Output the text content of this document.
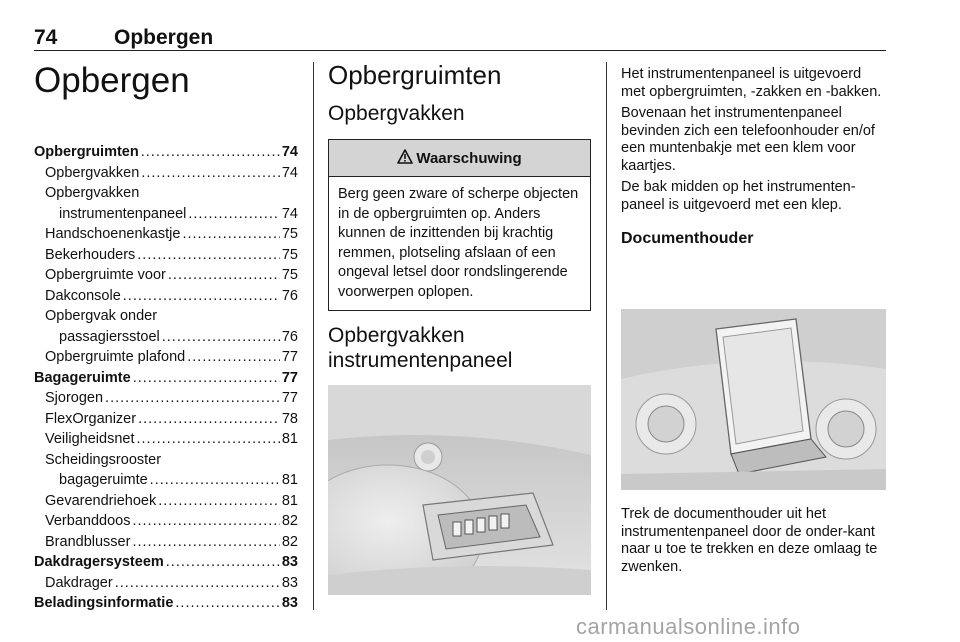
74	Opbergen
Opbergen
Opbergruimten .....	74
Opbergvakken .....	74
Opbergvakken
instrumentenpaneel .....	74
Handschoenenkastje .....	75
Bekerhouders .....	75
Opbergruimte voor .....	75
Dakconsole .....	76
Opbergvak onder
passagiersstoel .....	76
Opbergruimte plafond .....	77
Bagageruimte .....	77
Sjorogen .....	77
FlexOrganizer .....	78
Veiligheidsnet .....	81
Scheidingsrooster
bagageruimte .....	81
Gevarendriehoek .....	81
Verbanddoos .....	82
Brandblusser .....	82
Dakdragersysteem .....	83
Dakdrager .....	83
Beladingsinformatie .....	83
Opbergruimten
Opbergvakken
Waarschuwing
Berg geen zware of scherpe objecten in de opbergruimten op. Anders kunnen de inzittenden bij krachtig remmen, plotseling afslaan of een ongeval letsel door rondslingerende voorwerpen oplopen.
Opbergvakken
instrumentenpaneel

Het instrumentenpaneel is uitgevoerd met opbergruimten, -zakken en -bakken.

Bovenaan het instrumentenpaneel bevinden zich een telefoonhouder en/of een muntenbakje met een klem voor kaartjes.

De bak midden op het instrumenten-paneel is uitgevoerd met een klep.

Documenthouder

Trek de documenthouder uit het instrumentenpaneel door de onder-kant naar u toe te trekken en deze omlaag te zwenken.

carmanualsonline.info
